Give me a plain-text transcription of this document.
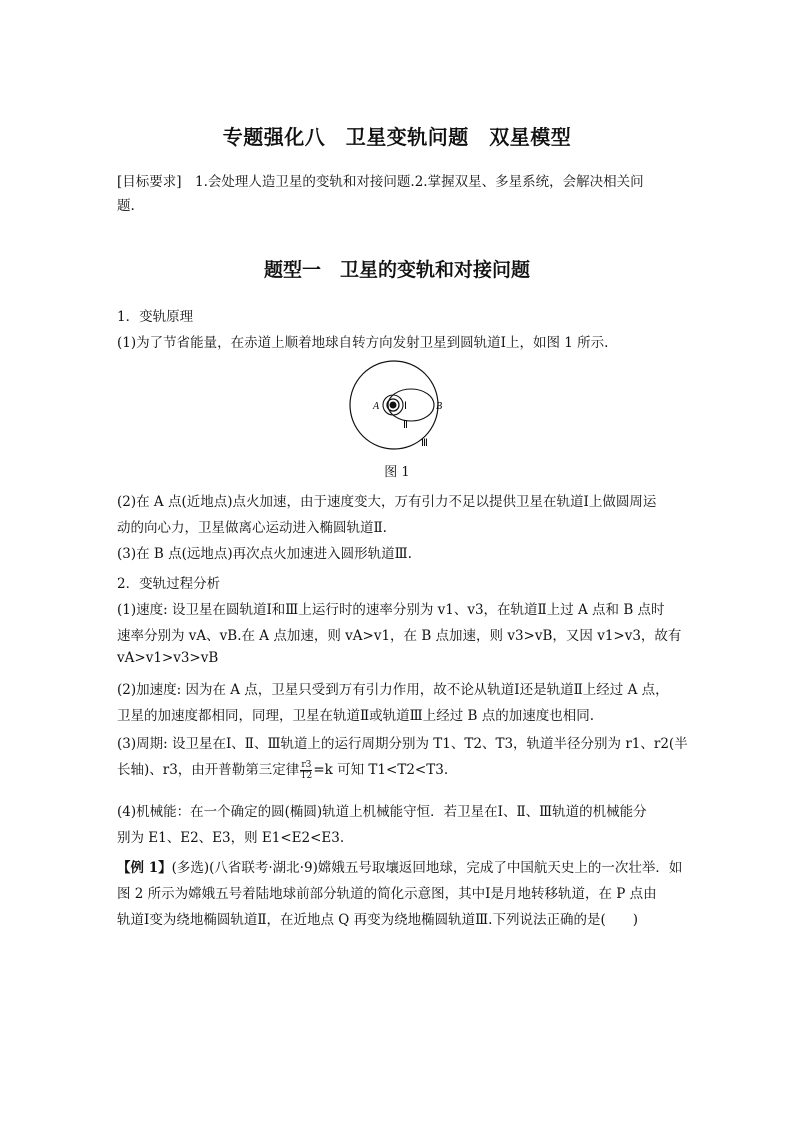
专题强化八　卫星变轨问题　双星模型
[目标要求]　1.会处理人造卫星的变轨和对接问题.2.掌握双星、多星系统，会解决相关问
题.
题型一　卫星的变轨和对接问题
1．变轨原理
(1)为了节省能量，在赤道上顺着地球自转方向发射卫星到圆轨道Ⅰ上，如图 1 所示.
A	B
Ⅰ
Ⅱ
Ⅲ
图 1
(2)在 A 点(近地点)点火加速，由于速度变大，万有引力不足以提供卫星在轨道Ⅰ上做圆周运
动的向心力，卫星做离心运动进入椭圆轨道Ⅱ.
(3)在 B 点(远地点)再次点火加速进入圆形轨道Ⅲ.
2．变轨过程分析
(1)速度: 设卫星在圆轨道Ⅰ和Ⅲ上运行时的速率分别为 v1、v3，在轨道Ⅱ上过 A 点和 B 点时
速率分别为 vA、vB.在 A 点加速，则 vA>v1，在 B 点加速，则 v3>vB，又因 v1>v3，故有
vA>v1>v3>vB
(2)加速度: 因为在 A 点，卫星只受到万有引力作用，故不论从轨道Ⅰ还是轨道Ⅱ上经过 A 点，
卫星的加速度都相同，同理，卫星在轨道Ⅱ或轨道Ⅲ上经过 B 点的加速度也相同.
(3)周期: 设卫星在Ⅰ、Ⅱ、Ⅲ轨道上的运行周期分别为 T1、T2、T3，轨道半径分别为 r1、r2(半
长轴)、r3，由开普勒第三定律 $\frac{r3}{T2} =k$ 可知 T1<T2<T3.
(4)机械能：在一个确定的圆(椭圆)轨道上机械能守恒．若卫星在Ⅰ、Ⅱ、Ⅲ轨道的机械能分
别为 E1、E2、E3，则 E1<E2<E3.
【例 1】(多选)(八省联考·湖北·9)嫦娥五号取壤返回地球，完成了中国航天史上的一次壮举．如
图 2 所示为嫦娥五号着陆地球前部分轨道的简化示意图，其中Ⅰ是月地转移轨道，在 P 点由
轨道Ⅰ变为绕地椭圆轨道Ⅱ，在近地点 Q 再变为绕地椭圆轨道Ⅲ.下列说法正确的是(　　)
